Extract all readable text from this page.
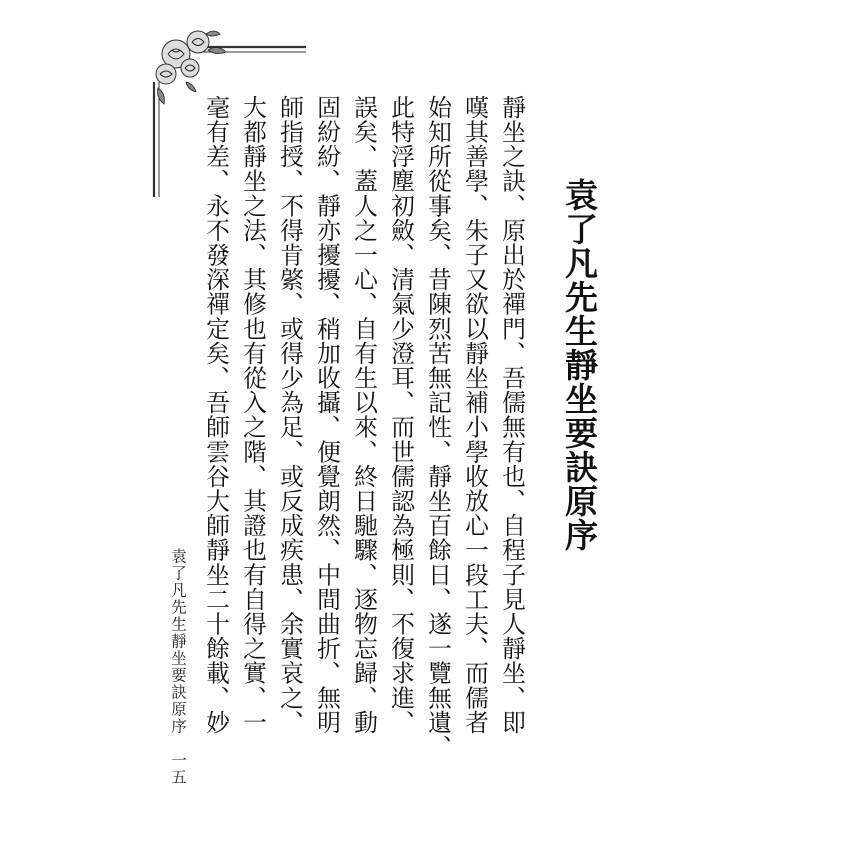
袁了凡先生靜坐要訣原序
靜坐之訣、原出於禪門、吾儒無有也、自程子見人靜坐、即
嘆其善學、朱子又欲以靜坐補小學收放心一段工夫、而儒者
始知所從事矣、昔陳烈苦無記性、靜坐百餘日、遂一覽無遺、
此特浮塵初斂、清氣少澄耳、而世儒認為極則、不復求進、
誤矣、蓋人之一心、自有生以來、終日馳驟、逐物忘歸、動
固紛紛、靜亦擾擾、稍加收攝、便覺朗然、中間曲折、無明
師指授、不得肯綮、或得少為足、或反成疾患、余實哀之、
大都靜坐之法、其修也有從入之階、其證也有自得之實、一
毫有差、永不發深禪定矣、吾師雲谷大師靜坐二十餘載、妙
袁了凡先生靜坐要訣原序　一五
